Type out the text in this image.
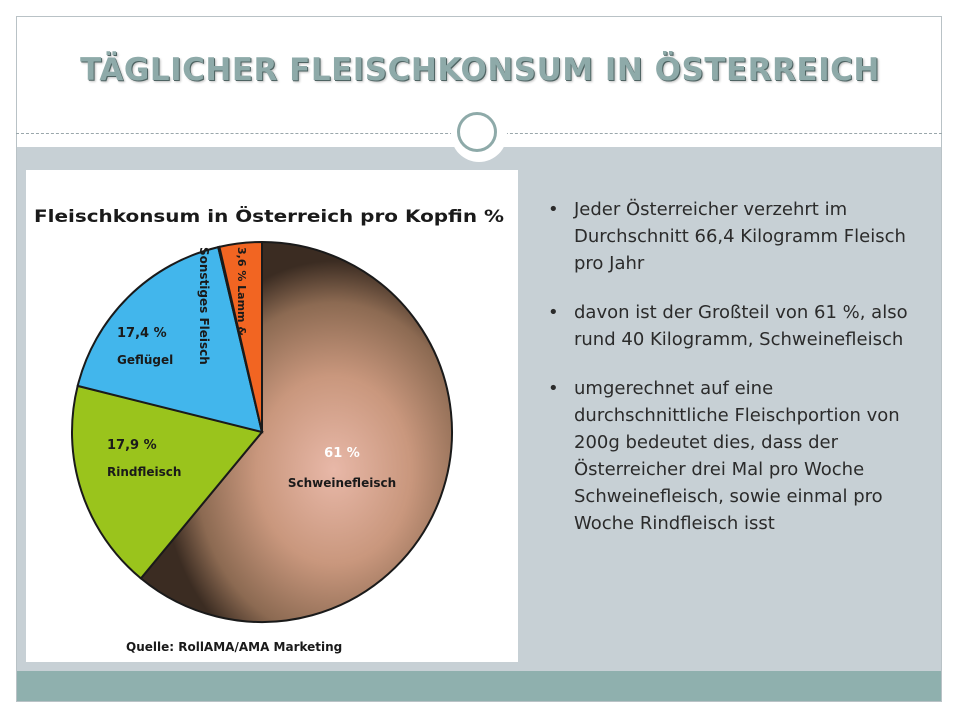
TÄGLICHER FLEISCHKONSUM IN ÖSTERREICH
Fleischkonsum in Österreich pro Kopfin %
61 %
Schweinefleisch
17,9 %
Rindfleisch
17,4 %
Geflügel Sonstiges Fleisch 3,6 % Lamm &
Quelle: RollAMA/AMA Marketing
• Jeder Österreicher verzehrt im Durchschnitt 66,4 Kilogramm Fleisch pro Jahr
• davon ist der Großteil von 61 %, also rund 40 Kilogramm, Schweinefleisch
• umgerechnet auf eine durchschnittliche Fleischportion von 200g bedeutet dies, dass der Österreicher drei Mal pro Woche Schweinefleisch, sowie einmal pro Woche Rindfleisch isst
